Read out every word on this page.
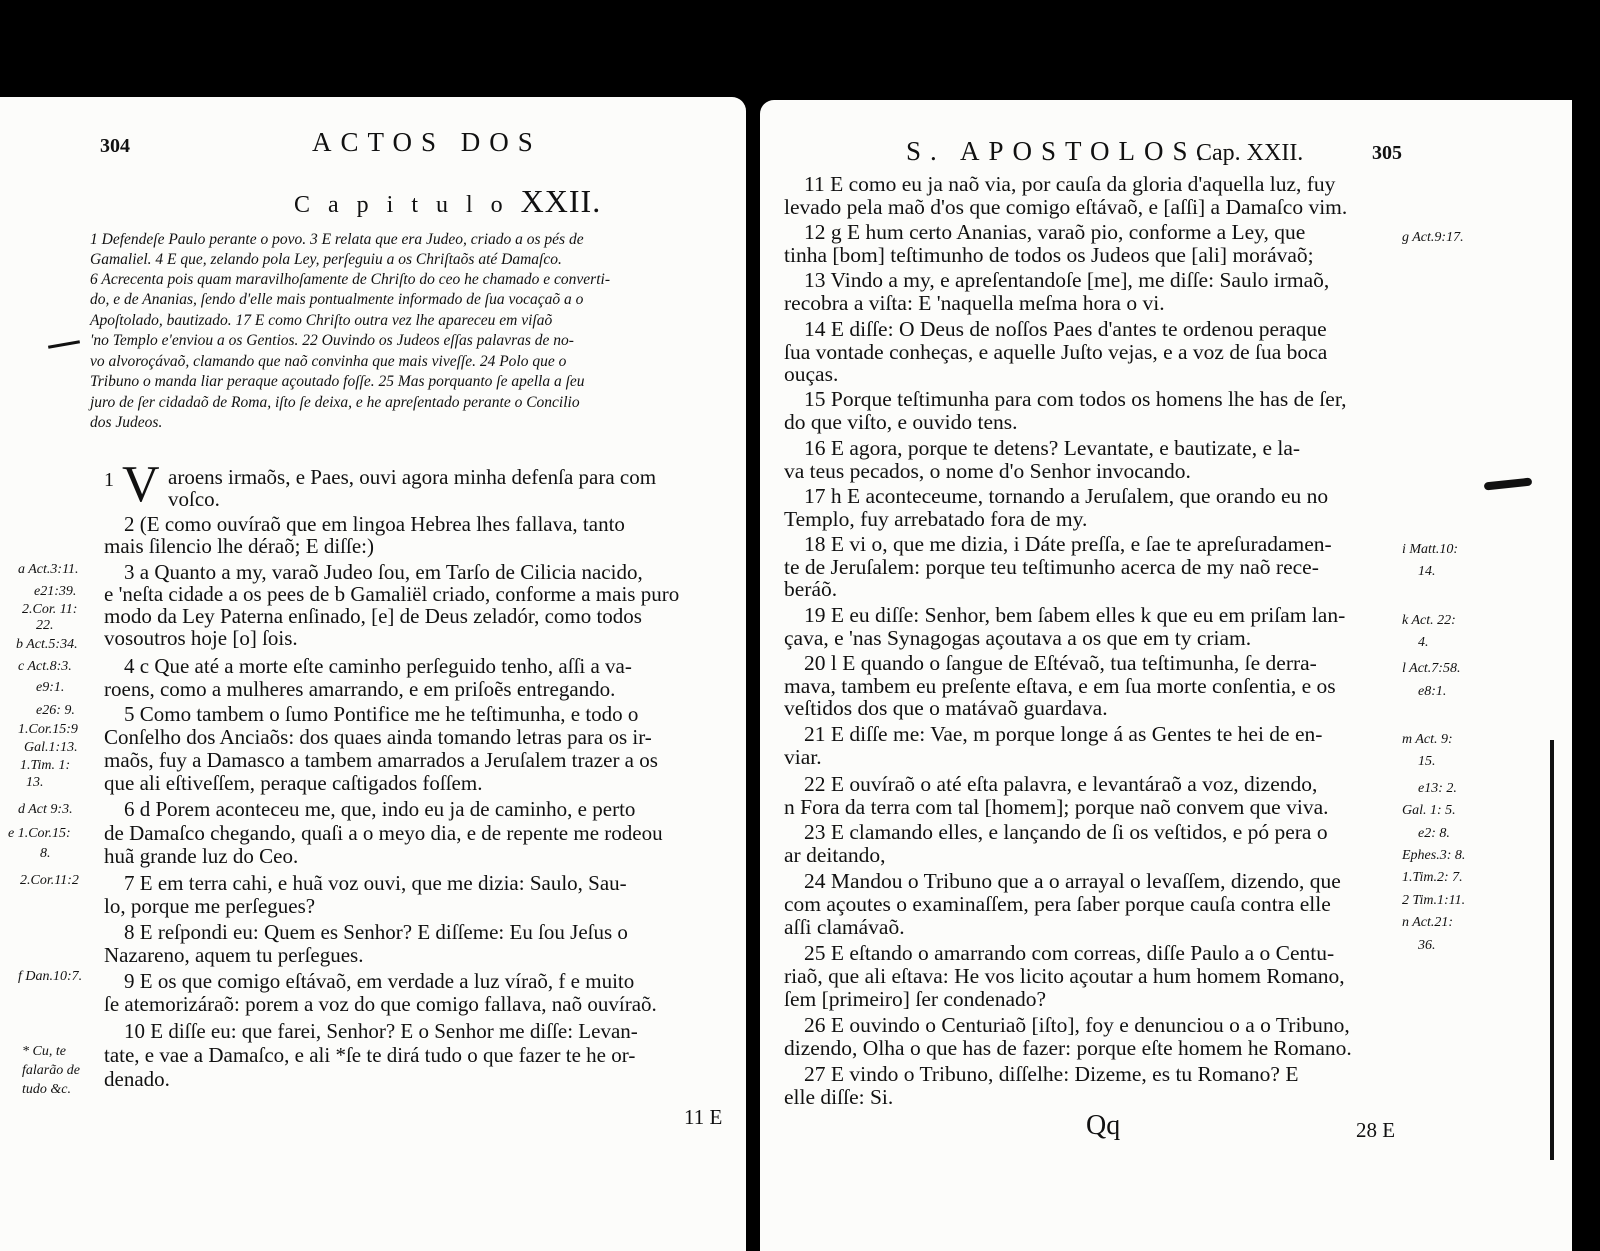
304	ACTOS DOS
C a p i t u l o XXII.
1 Defendeſe Paulo perante o povo. 3 E relata que era Judeo, criado a os pés de
Gamaliel. 4 E que, zelando pola Ley, perſeguiu a os Chriſtaõs até Damaſco.
6 Acrecenta pois quam maravilhoſamente de Chriſto do ceo he chamado e converti-
do, e de Ananias, ſendo d'elle mais pontualmente informado de ſua vocaçaõ a o
Apoſtolado, bautizado. 17 E como Chriſto outra vez lhe apareceu em viſaõ
'no Templo e'enviou a os Gentios. 22 Ouvindo os Judeos eſſas palavras de no-
vo alvoroçávaõ, clamando que naõ convinha que mais viveſſe. 24 Polo que o
Tribuno o manda liar peraque açoutado foſſe. 25 Mas porquanto ſe apella a ſeu
juro de ſer cidadaõ de Roma, iſto ſe deixa, e he apreſentado perante o Concilio
dos Judeos.
1 V aroens irmaõs, e Paes, ouvi agora minha defenſa para com
voſco.
2 (E como ouvíraõ que em lingoa Hebrea lhes fallava, tanto
mais ſilencio lhe déraõ; E diſſe:)
3 a Quanto a my, varaõ Judeo ſou, em Tarſo de Cilicia nacido,
e 'neſta cidade a os pees de b Gamaliël criado, conforme a mais puro
modo da Ley Paterna enſinado, [e] de Deus zeladór, como todos
vosoutros hoje [o] ſois.
4 c Que até a morte eſte caminho perſeguido tenho, aſſi a va-
roens, como a mulheres amarrando, e em priſoẽs entregando.
5 Como tambem o ſumo Pontifice me he teſtimunha, e todo o
Conſelho dos Anciaõs: dos quaes ainda tomando letras para os ir-
maõs, fuy a Damasco a tambem amarrados a Jeruſalem trazer a os
que ali eſtiveſſem, peraque caſtigados foſſem.
6 d Porem aconteceu me, que, indo eu ja de caminho, e perto
de Damaſco chegando, quaſi a o meyo dia, e de repente me rodeou
huã grande luz do Ceo.
7 E em terra cahi, e huã voz ouvi, que me dizia: Saulo, Sau-
lo, porque me perſegues?
8 E reſpondi eu: Quem es Senhor? E diſſeme: Eu ſou Jeſus o
Nazareno, aquem tu perſegues.
9 E os que comigo eſtávaõ, em verdade a luz víraõ, f e muito
ſe atemorizáraõ: porem a voz do que comigo fallava, naõ ouvíraõ.
10 E diſſe eu: que farei, Senhor? E o Senhor me diſſe: Levan-
tate, e vae a Damaſco, e ali *ſe te dirá tudo o que fazer te he or-
denado.
a Act.3:11.
e21:39.
2.Cor. 11:
22.
b Act.5:34.
c Act.8:3.
e9:1.
e26: 9.
1.Cor.15:9
Gal.1:13.
1.Tim. 1:
13.
d Act 9:3.
e 1.Cor.15:
8.
2.Cor.11:2
f Dan.10:7.
* Cu, te
falarão de
tudo &c.
11 E
S. APOSTOLOS.
Cap. XXII.	305
11 E como eu ja naõ via, por cauſa da gloria d'aquella luz, fuy
levado pela maõ d'os que comigo eſtávaõ, e [aſſi] a Damaſco vim.
12 g E hum certo Ananias, varaõ pio, conforme a Ley, que
tinha [bom] teſtimunho de todos os Judeos que [ali] morávaõ;
13 Vindo a my, e apreſentandoſe [me], me diſſe: Saulo irmaõ,
recobra a viſta: E 'naquella meſma hora o vi.
14 E diſſe: O Deus de noſſos Paes d'antes te ordenou peraque
ſua vontade conheças, e aquelle Juſto vejas, e a voz de ſua boca
ouças.
15 Porque teſtimunha para com todos os homens lhe has de ſer,
do que viſto, e ouvido tens.
16 E agora, porque te detens? Levantate, e bautizate, e la-
va teus pecados, o nome d'o Senhor invocando.
17 h E aconteceume, tornando a Jeruſalem, que orando eu no
Templo, fuy arrebatado fora de my.
18 E vi o, que me dizia, i Dáte preſſa, e ſae te apreſuradamen-
te de Jeruſalem: porque teu teſtimunho acerca de my naõ rece-
beráõ.
19 E eu diſſe: Senhor, bem ſabem elles k que eu em priſam lan-
çava, e 'nas Synagogas açoutava a os que em ty criam.
20 l E quando o ſangue de Eſtévaõ, tua teſtimunha, ſe derra-
mava, tambem eu preſente eſtava, e em ſua morte conſentia, e os
veſtidos dos que o matávaõ guardava.
21 E diſſe me: Vae, m porque longe á as Gentes te hei de en-
viar.
22 E ouvíraõ o até eſta palavra, e levantáraõ a voz, dizendo,
n Fora da terra com tal [homem]; porque naõ convem que viva.
23 E clamando elles, e lançando de ſi os veſtidos, e pó pera o
ar deitando,
24 Mandou o Tribuno que a o arrayal o levaſſem, dizendo, que
com açoutes o examinaſſem, pera ſaber porque cauſa contra elle
aſſi clamávaõ.
25 E eſtando o amarrando com correas, diſſe Paulo a o Centu-
riaõ, que ali eſtava: He vos licito açoutar a hum homem Romano,
ſem [primeiro] ſer condenado?
26 E ouvindo o Centuriaõ [iſto], foy e denunciou o a o Tribuno,
dizendo, Olha o que has de fazer: porque eſte homem he Romano.
27 E vindo o Tribuno, diſſelhe: Dizeme, es tu Romano? E
elle diſſe: Si.
g Act.9:17.
i Matt.10:
14.
k Act. 22:
4.
l Act.7:58.
e8:1.
m Act. 9:
15.
e13: 2.
Gal. 1: 5.
e2: 8.
Ephes.3: 8.
1.Tim.2: 7.
2 Tim.1:11.
n Act.21:
36.
Qq	28 E
